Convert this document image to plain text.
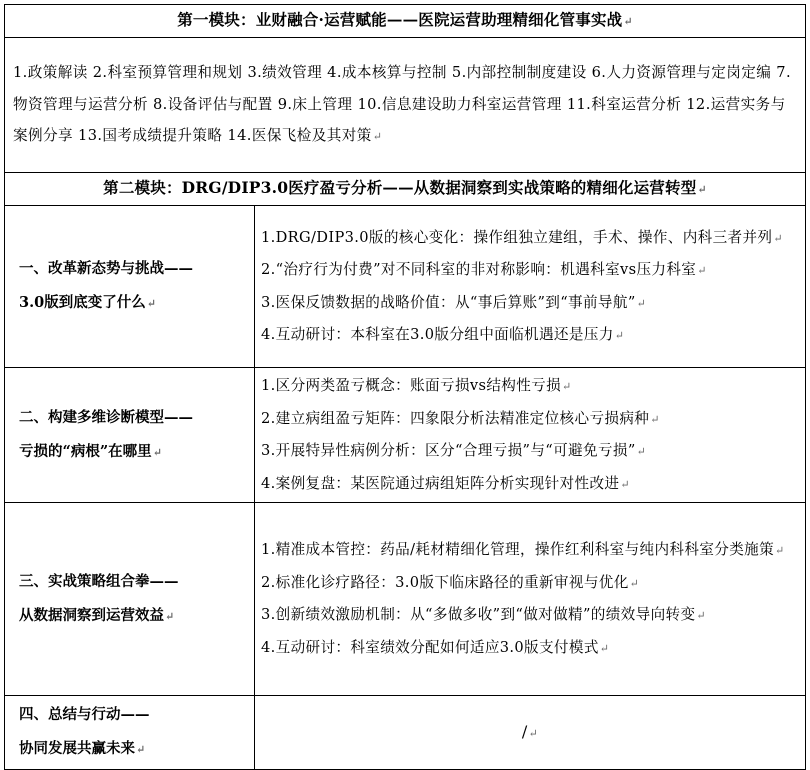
第一模块：业财融合·运营赋能——医院运营助理精细化管事实战↵	
1.政策解读 2.科室预算管理和规划 3.绩效管理 4.成本核算与控制 5.内部控制制度建设 6.人力资源管理与定岗定编 7.物资管理与运营分析 8.设备评估与配置 9.床上管理 10.信息建设助力科室运营管理 11.科室运营分析 12.运营实务与案例分享 13.国考成绩提升策略 14.医保飞检及其对策↵	
第二模块：DRG/DIP3.0医疗盈亏分析——从数据洞察到实战策略的精细化运营转型↵	

一、改革新态势与挑战——
3.0版到底变了什么↵	1.DRG/DIP3.0版的核心变化：操作组独立建组，手术、操作、内科三者并列↵
2.“治疗行为付费”对不同科室的非对称影响：机遇科室vs压力科室↵
3.医保反馈数据的战略价值：从“事后算账”到“事前导航”↵
4.互动研讨：本科室在3.0版分组中面临机遇还是压力↵

二、构建多维诊断模型——
亏损的“病根”在哪里↵	1.区分两类盈亏概念：账面亏损vs结构性亏损↵
2.建立病组盈亏矩阵：四象限分析法精准定位核心亏损病种↵
3.开展特异性病例分析：区分“合理亏损”与“可避免亏损”↵
4.案例复盘：某医院通过病组矩阵分析实现针对性改进↵

三、实战策略组合拳——
从数据洞察到运营效益↵	1.精准成本管控：药品/耗材精细化管理，操作红利科室与纯内科科室分类施策↵
2.标准化诊疗路径：3.0版下临床路径的重新审视与优化↵
3.创新绩效激励机制：从“多做多收”到“做对做精”的绩效导向转变↵
4.互动研讨：科室绩效分配如何适应3.0版支付模式↵

四、总结与行动——
协同发展共赢未来↵	/↵
